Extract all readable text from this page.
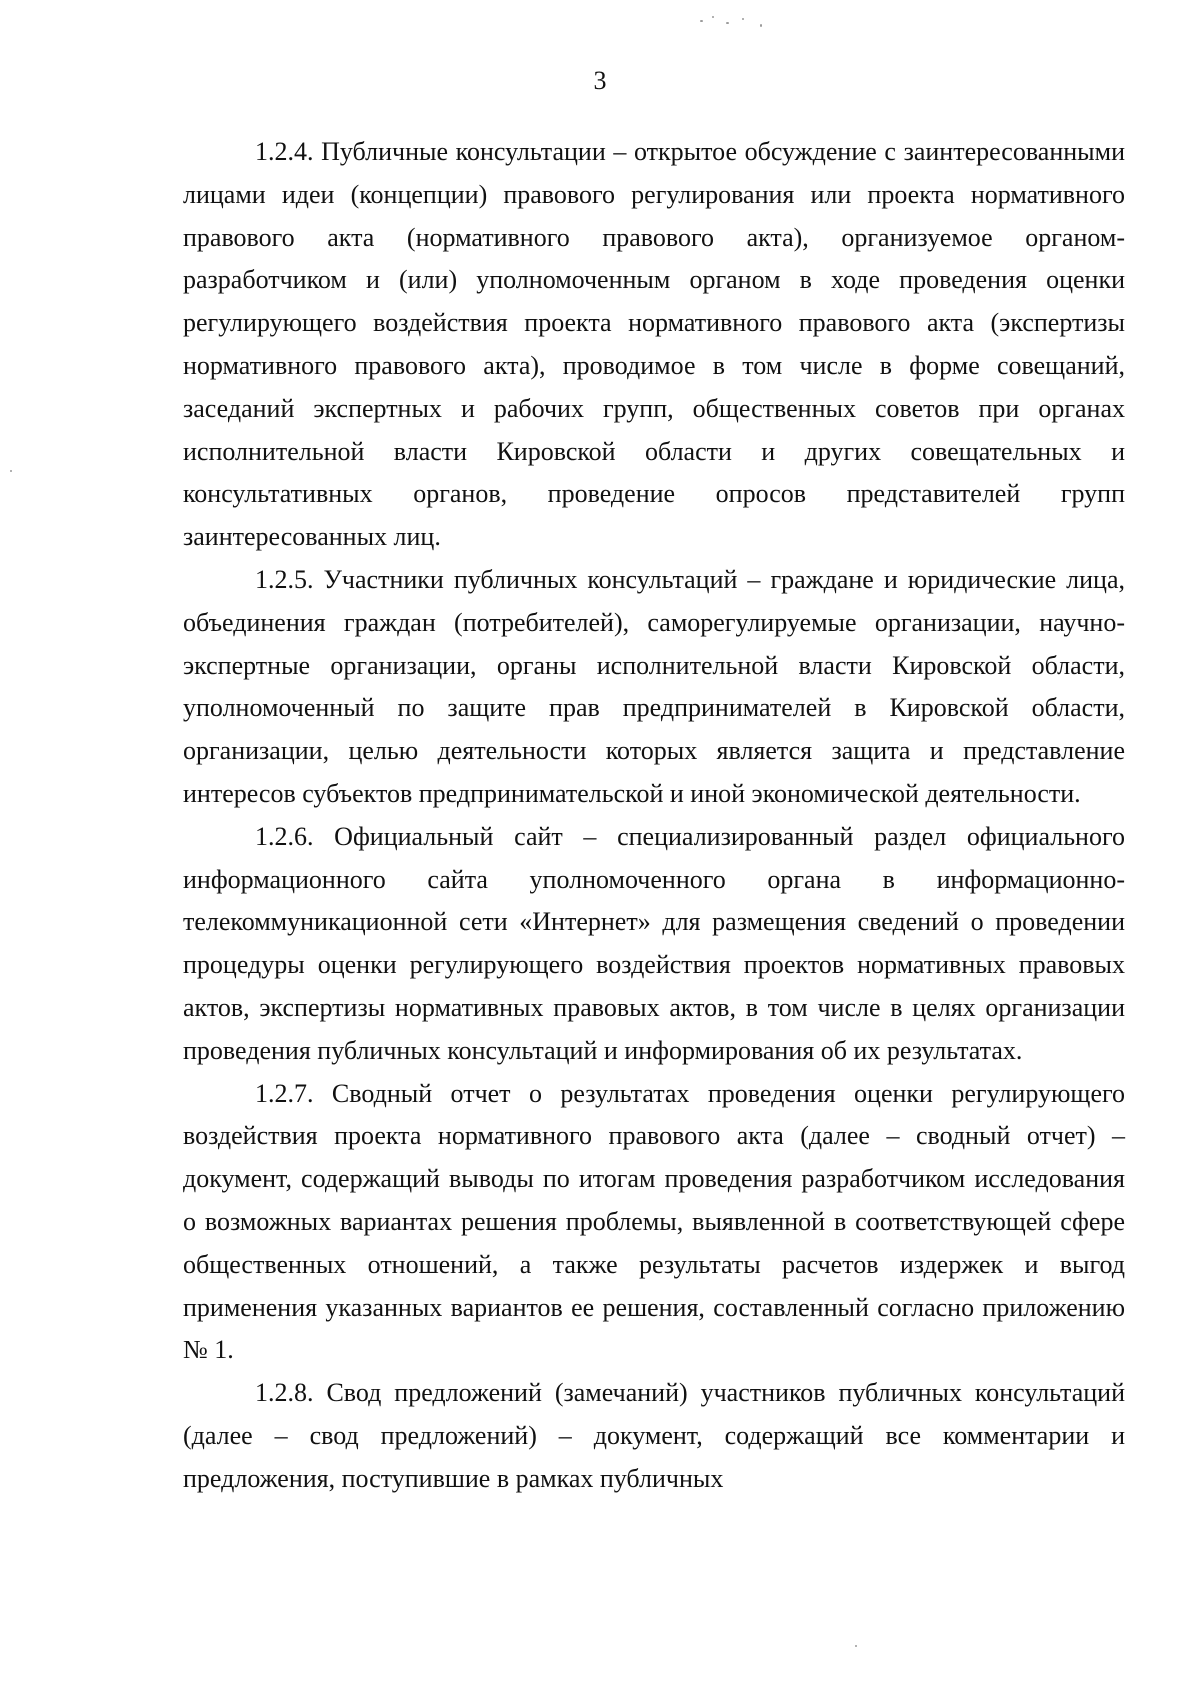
3

1.2.4. Публичные консультации – открытое обсуждение с заинтересованными лицами идеи (концепции) правового регулирования или проекта нормативного правового акта (нормативного правового акта), организуемое органом-разработчиком и (или) уполномоченным органом в ходе проведения оценки регулирующего воздействия проекта нормативного правового акта (экспертизы нормативного правового акта), проводимое в том числе в форме совещаний, заседаний экспертных и рабочих групп, общественных советов при органах исполнительной власти Кировской области и других совещательных и консультативных органов, проведение опросов представителей групп заинтересованных лиц.

1.2.5. Участники публичных консультаций – граждане и юридические лица, объединения граждан (потребителей), саморегулируемые организации, научно-экспертные организации, органы исполнительной власти Кировской области, уполномоченный по защите прав предпринимателей в Кировской области, организации, целью деятельности которых является защита и представление интересов субъектов предпринимательской и иной экономической деятельности.

1.2.6. Официальный сайт – специализированный раздел официального информационного сайта уполномоченного органа в информационно-телекоммуникационной сети «Интернет» для размещения сведений о проведении процедуры оценки регулирующего воздействия проектов нормативных правовых актов, экспертизы нормативных правовых актов, в том числе в целях организации проведения публичных консультаций и информирования об их результатах.

1.2.7. Сводный отчет о результатах проведения оценки регулирующего воздействия проекта нормативного правового акта (далее – сводный отчет) – документ, содержащий выводы по итогам проведения разработчиком исследования о возможных вариантах решения проблемы, выявленной в соответствующей сфере общественных отношений, а также результаты расчетов издержек и выгод применения указанных вариантов ее решения, составленный согласно приложению № 1.

1.2.8. Свод предложений (замечаний) участников публичных консультаций (далее – свод предложений) – документ, содержащий все комментарии и предложения, поступившие в рамках публичных
